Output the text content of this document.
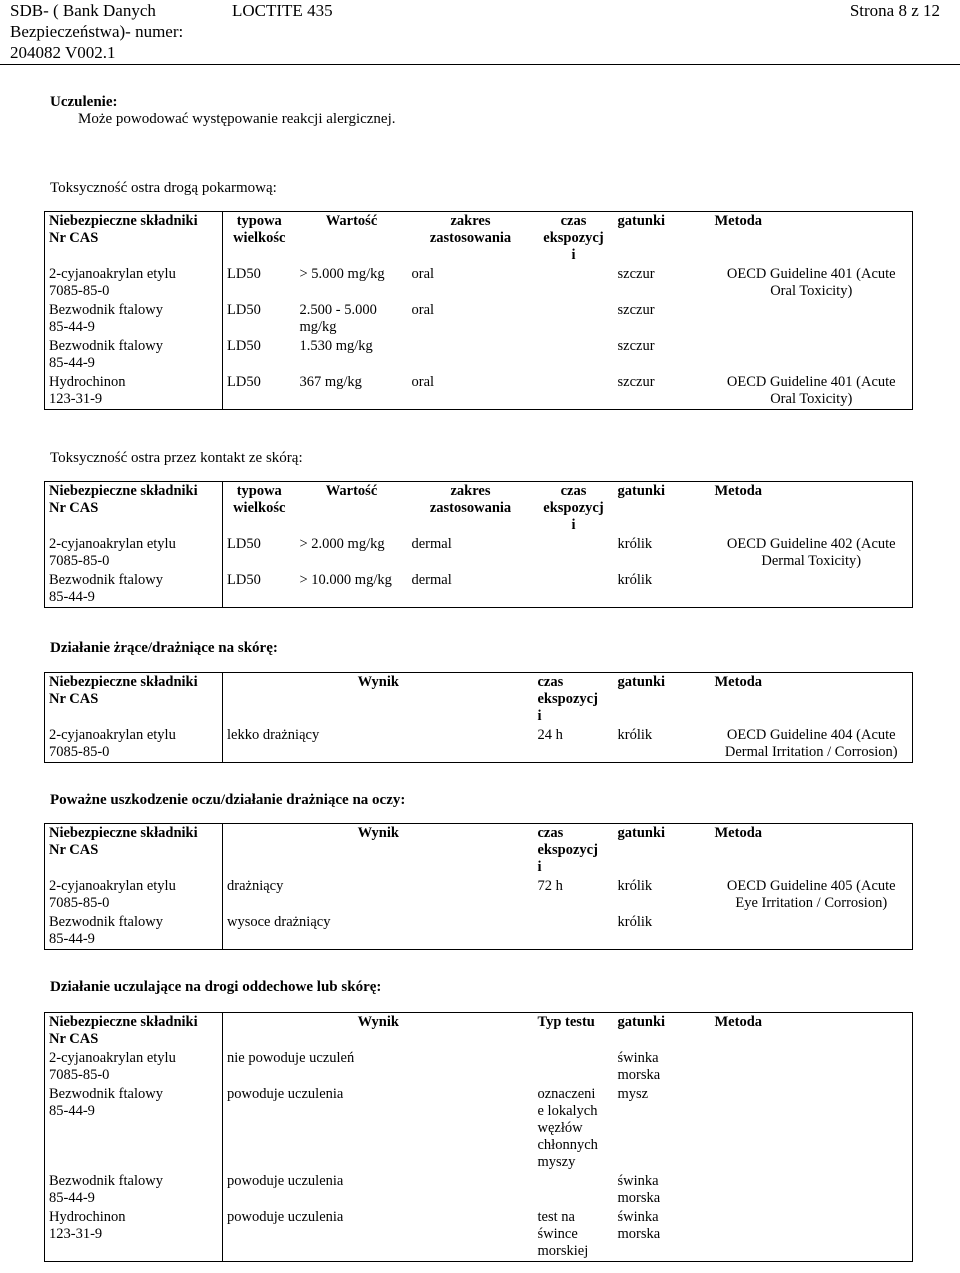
SDB- ( Bank Danych
Bezpieczeństwa)- numer:
204082 V002.1
LOCTITE 435	Strona 8 z 12
Uczulenie:
Może powodować występowanie reakcji alergicznej.
Toksyczność ostra drogą pokarmową:
Niebezpieczne składniki
Nr CAS	typowa
wielkośc	Wartość	zakres
zastosowania	czas
ekspozycj
i	gatunki	Metoda
2-cyjanoakrylan etylu
7085-85-0	LD50	> 5.000 mg/kg	oral		szczur	OECD Guideline 401 (Acute
Oral Toxicity)
Bezwodnik ftalowy
85-44-9	LD50	2.500 - 5.000
mg/kg	oral		szczur	
Bezwodnik ftalowy
85-44-9	LD50	1.530 mg/kg			szczur	
Hydrochinon
123-31-9	LD50	367 mg/kg	oral		szczur	OECD Guideline 401 (Acute
Oral Toxicity)
Toksyczność ostra przez kontakt ze skórą:
Niebezpieczne składniki
Nr CAS	typowa
wielkośc	Wartość	zakres
zastosowania	czas
ekspozycj
i	gatunki	Metoda
2-cyjanoakrylan etylu
7085-85-0	LD50	> 2.000 mg/kg	dermal		królik	OECD Guideline 402 (Acute
Dermal Toxicity)
Bezwodnik ftalowy
85-44-9	LD50	> 10.000 mg/kg	dermal		królik	
Działanie żrące/drażniące na skórę:
Niebezpieczne składniki
Nr CAS	Wynik	czas
ekspozycj
i	gatunki	Metoda
2-cyjanoakrylan etylu
7085-85-0	lekko drażniący	24 h	królik	OECD Guideline 404 (Acute
Dermal Irritation / Corrosion)
Poważne uszkodzenie oczu/działanie drażniące na oczy:
Niebezpieczne składniki
Nr CAS	Wynik	czas
ekspozycj
i	gatunki	Metoda
2-cyjanoakrylan etylu
7085-85-0	drażniący	72 h	królik	OECD Guideline 405 (Acute
Eye Irritation / Corrosion)
Bezwodnik ftalowy
85-44-9	wysoce drażniący		królik	
Działanie uczulające na drogi oddechowe lub skórę:
Niebezpieczne składniki
Nr CAS	Wynik	Typ testu	gatunki	Metoda
2-cyjanoakrylan etylu
7085-85-0	nie powoduje uczuleń		świnka
morska	
Bezwodnik ftalowy
85-44-9	powoduje uczulenia	oznaczeni
e lokalych
węzłów
chłonnych
myszy	mysz	
Bezwodnik ftalowy
85-44-9	powoduje uczulenia		świnka
morska	
Hydrochinon
123-31-9	powoduje uczulenia	test na
śwince
morskiej	świnka
morska	
